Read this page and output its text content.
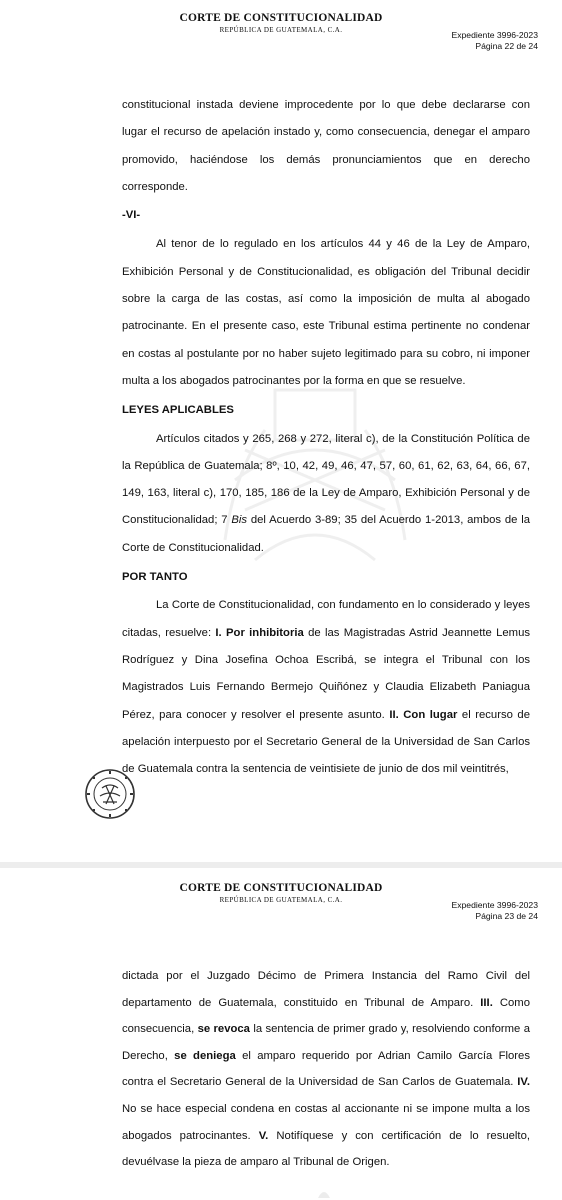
CORTE DE CONSTITUCIONALIDAD
REPÚBLICA DE GUATEMALA, C.A.	Expediente 3996-2023
Página 22 de 24

constitucional instada deviene improcedente por lo que debe declararse con lugar el recurso de apelación instado y, como consecuencia, denegar el amparo promovido, haciéndose los demás pronunciamientos que en derecho corresponde.

-VI-

Al tenor de lo regulado en los artículos 44 y 46 de la Ley de Amparo, Exhibición Personal y de Constitucionalidad, es obligación del Tribunal decidir sobre la carga de las costas, así como la imposición de multa al abogado patrocinante. En el presente caso, este Tribunal estima pertinente no condenar en costas al postulante por no haber sujeto legitimado para su cobro, ni imponer multa a los abogados patrocinantes por la forma en que se resuelve.

LEYES APLICABLES

Artículos citados y 265, 268 y 272, literal c), de la Constitución Política de la República de Guatemala; 8º, 10, 42, 49, 46, 47, 57, 60, 61, 62, 63, 64, 66, 67, 149, 163, literal c), 170, 185, 186 de la Ley de Amparo, Exhibición Personal y de Constitucionalidad; 7 Bis del Acuerdo 3-89; 35 del Acuerdo 1-2013, ambos de la Corte de Constitucionalidad.

POR TANTO

La Corte de Constitucionalidad, con fundamento en lo considerado y leyes citadas, resuelve: I. Por inhibitoria de las Magistradas Astrid Jeannette Lemus Rodríguez y Dina Josefina Ochoa Escribá, se integra el Tribunal con los Magistrados Luis Fernando Bermejo Quiñónez y Claudia Elizabeth Paniagua Pérez, para conocer y resolver el presente asunto. II. Con lugar el recurso de apelación interpuesto por el Secretario General de la Universidad de San Carlos de Guatemala contra la sentencia de veintisiete de junio de dos mil veintitrés,

CORTE DE CONSTITUCIONALIDAD
REPÚBLICA DE GUATEMALA, C.A.	Expediente 3996-2023
Página 23 de 24

dictada por el Juzgado Décimo de Primera Instancia del Ramo Civil del departamento de Guatemala, constituido en Tribunal de Amparo. III. Como consecuencia, se revoca la sentencia de primer grado y, resolviendo conforme a Derecho, se deniega el amparo requerido por Adrian Camilo García Flores contra el Secretario General de la Universidad de San Carlos de Guatemala. IV. No se hace especial condena en costas al accionante ni se impone multa a los abogados patrocinantes. V. Notifíquese y con certificación de lo resuelto, devuélvase la pieza de amparo al Tribunal de Origen.
